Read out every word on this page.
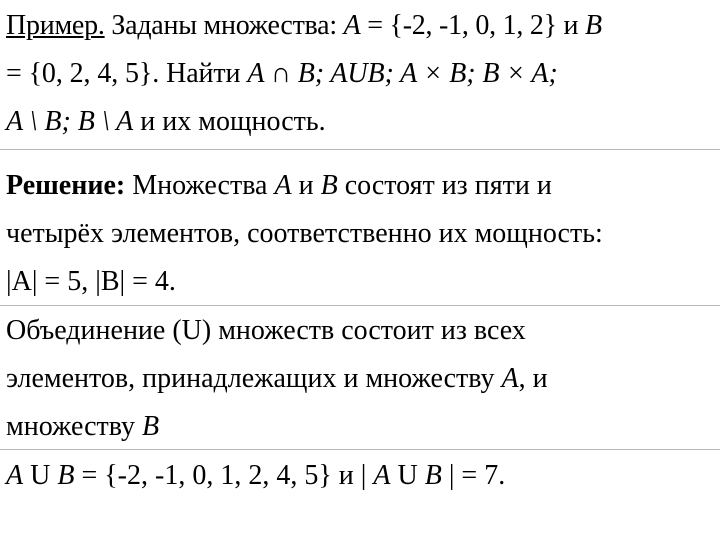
Пример. Заданы множества: A = {-2, -1, 0, 1, 2} и B
= {0, 2, 4, 5}. Найти A ∩ B; AUB; A × B; B × A;
A \ B; B \ A и их мощность.
Решение: Множества A и B состоят из пяти и
четырёх элементов, соответственно их мощность:
|A| = 5, |B| = 4.
Объединение (U) множеств состоит из всех
элементов, принадлежащих и множеству A, и
множеству B
A U B = {-2, -1, 0, 1, 2, 4, 5} и | A U B | = 7.
